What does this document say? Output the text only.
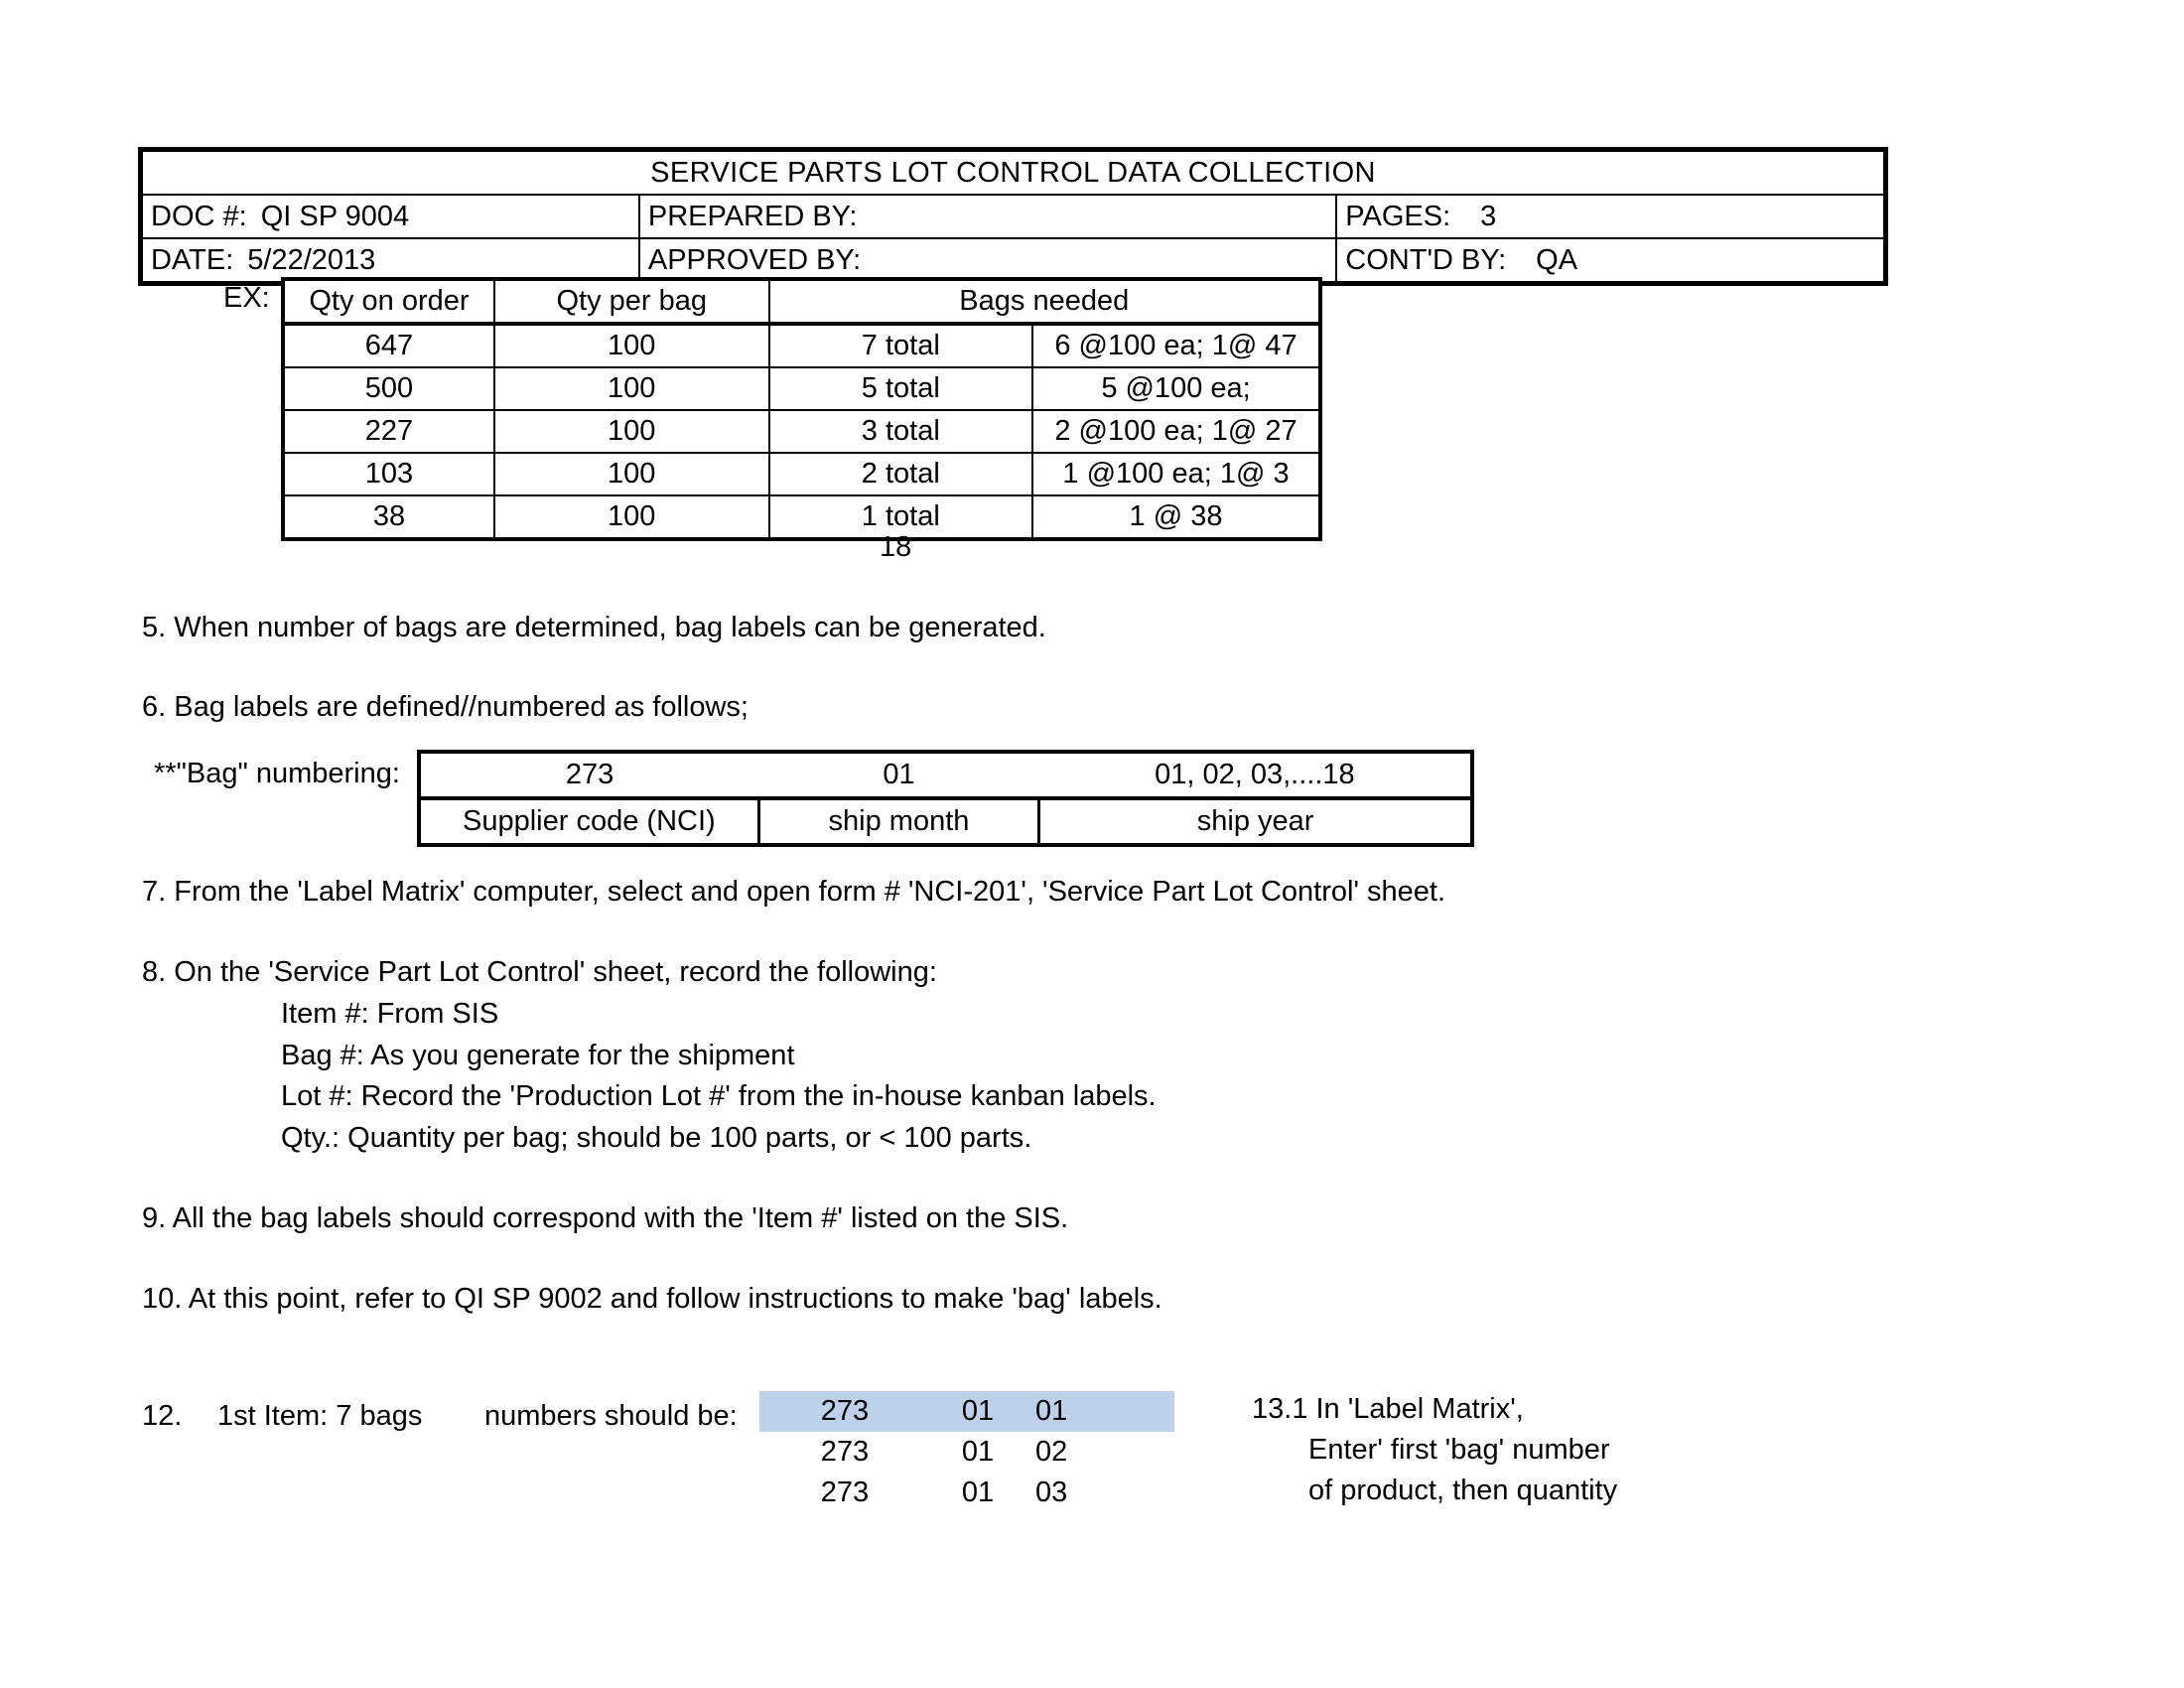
SERVICE PARTS LOT CONTROL DATA COLLECTION		
DOC #: QI SP 9004	PREPARED BY:	PAGES: 3
DATE: 5/22/2013	APPROVED BY:	CONT'D BY: QA
EX: Qty on order	Qty per bag	Bags needed	
647	100	7 total	6 @100 ea; 1@ 47
500	100	5 total	5 @100 ea;
227	100	3 total	2 @100 ea; 1@ 27
103	100	2 total	1 @100 ea; 1@ 3
38	100	1 total	1 @ 38
18
5. When number of bags are determined, bag labels can be generated.
6. Bag labels are defined//numbered as follows;
**"Bag" numbering:	273	01	01, 02, 03,....18
Supplier code (NCI)	ship month	ship year
7. From the 'Label Matrix' computer, select and open form # 'NCI-201', 'Service Part Lot Control' sheet.
8. On the 'Service Part Lot Control' sheet, record the following:
Item #: From SIS
Bag #: As you generate for the shipment
Lot #: Record the 'Production Lot #' from the in-house kanban labels.
Qty.: Quantity per bag; should be 100 parts, or < 100 parts.
9. All the bag labels should correspond with the 'Item #' listed on the SIS.
10. At this point, refer to QI SP 9002 and follow instructions to make 'bag' labels.
12. 1st Item: 7 bags numbers should be:	273	01	01
273	01	02
273	01	03
13.1 In 'Label Matrix',
Enter' first 'bag' number
of product, then quantity
